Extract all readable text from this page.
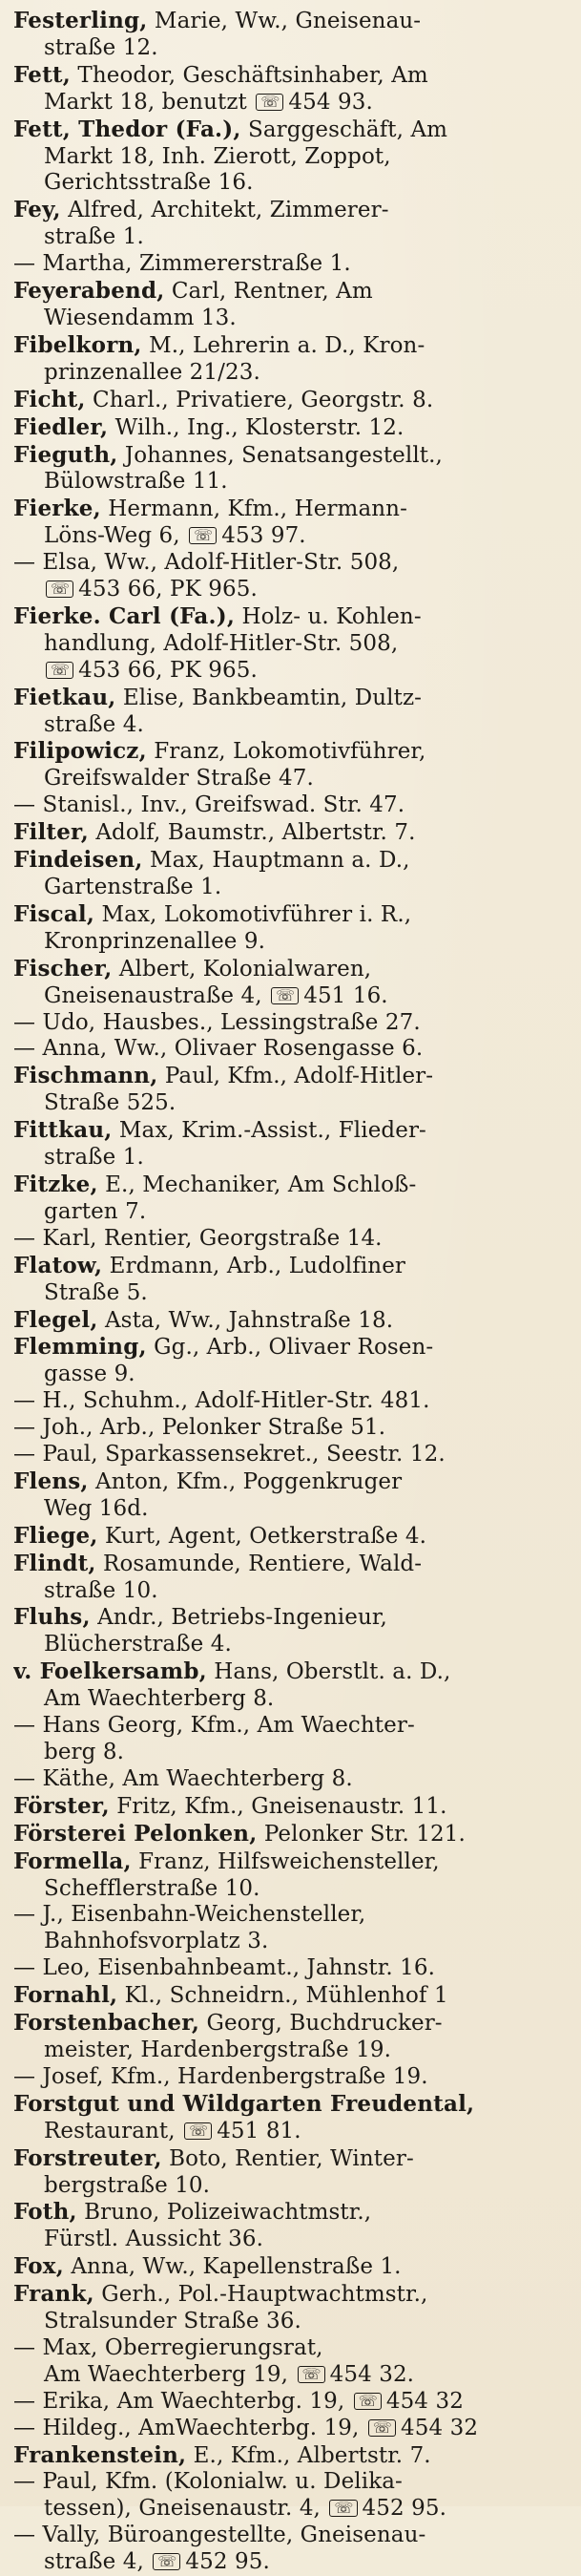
Festerling, Marie, Ww., Gneisenau-
straße 12.
Fett, Theodor, Geschäftsinhaber, Am
Markt 18, benutzt ☏ 454 93.
Fett, Thedor (Fa.), Sarggeschäft, Am
Markt 18, Inh. Zierott, Zoppot,
Gerichtsstraße 16.
Fey, Alfred, Architekt, Zimmerer-
straße 1.
— Martha, Zimmererstraße 1.
Feyerabend, Carl, Rentner, Am
Wiesendamm 13.
Fibelkorn, M., Lehrerin a. D., Kron-
prinzenallee 21/23.
Ficht, Charl., Privatiere, Georgstr. 8.
Fiedler, Wilh., Ing., Klosterstr. 12.
Fieguth, Johannes, Senatsangestellt.,
Bülowstraße 11.
Fierke, Hermann, Kfm., Hermann-
Löns-Weg 6, ☏ 453 97.
— Elsa, Ww., Adolf-Hitler-Str. 508,
☏ 453 66, PK 965.
Fierke. Carl (Fa.), Holz- u. Kohlen-
handlung, Adolf-Hitler-Str. 508,
☏ 453 66, PK 965.
Fietkau, Elise, Bankbeamtin, Dultz-
straße 4.
Filipowicz, Franz, Lokomotivführer,
Greifswalder Straße 47.
— Stanisl., Inv., Greifswad. Str. 47.
Filter, Adolf, Baumstr., Albertstr. 7.
Findeisen, Max, Hauptmann a. D.,
Gartenstraße 1.
Fiscal, Max, Lokomotivführer i. R.,
Kronprinzenallee 9.
Fischer, Albert, Kolonialwaren,
Gneisenaustraße 4, ☏ 451 16.
— Udo, Hausbes., Lessingstraße 27.
— Anna, Ww., Olivaer Rosengasse 6.
Fischmann, Paul, Kfm., Adolf-Hitler-
Straße 525.
Fittkau, Max, Krim.-Assist., Flieder-
straße 1.
Fitzke, E., Mechaniker, Am Schloß-
garten 7.
— Karl, Rentier, Georgstraße 14.
Flatow, Erdmann, Arb., Ludolfiner
Straße 5.
Flegel, Asta, Ww., Jahnstraße 18.
Flemming, Gg., Arb., Olivaer Rosen-
gasse 9.
— H., Schuhm., Adolf-Hitler-Str. 481.
— Joh., Arb., Pelonker Straße 51.
— Paul, Sparkassensekret., Seestr. 12.
Flens, Anton, Kfm., Poggenkruger
Weg 16d.
Fliege, Kurt, Agent, Oetkerstraße 4.
Flindt, Rosamunde, Rentiere, Wald-
straße 10.
Fluhs, Andr., Betriebs-Ingenieur,
Blücherstraße 4.
v. Foelkersamb, Hans, Oberstlt. a. D.,
Am Waechterberg 8.
— Hans Georg, Kfm., Am Waechter-
berg 8.
— Käthe, Am Waechterberg 8.
Förster, Fritz, Kfm., Gneisenaustr. 11.
Försterei Pelonken, Pelonker Str. 121.
Formella, Franz, Hilfsweichensteller,
Schefflerstraße 10.
— J., Eisenbahn-Weichensteller,
Bahnhofsvorplatz 3.
— Leo, Eisenbahnbeamt., Jahnstr. 16.
Fornahl, Kl., Schneidrn., Mühlenhof 1
Forstenbacher, Georg, Buchdrucker-
meister, Hardenbergstraße 19.
— Josef, Kfm., Hardenbergstraße 19.
Forstgut und Wildgarten Freudental,
Restaurant, ☏ 451 81.
Forstreuter, Boto, Rentier, Winter-
bergstraße 10.
Foth, Bruno, Polizeiwachtmstr.,
Fürstl. Aussicht 36.
Fox, Anna, Ww., Kapellenstraße 1.
Frank, Gerh., Pol.-Hauptwachtmstr.,
Stralsunder Straße 36.
— Max, Oberregierungsrat,
Am Waechterberg 19, ☏ 454 32.
— Erika, Am Waechterbg. 19, ☏ 454 32
— Hildeg., AmWaechterbg. 19, ☏ 454 32
Frankenstein, E., Kfm., Albertstr. 7.
— Paul, Kfm. (Kolonialw. u. Delika-
tessen), Gneisenaustr. 4, ☏ 452 95.
— Vally, Büroangestellte, Gneisenau-
straße 4, ☏ 452 95.
